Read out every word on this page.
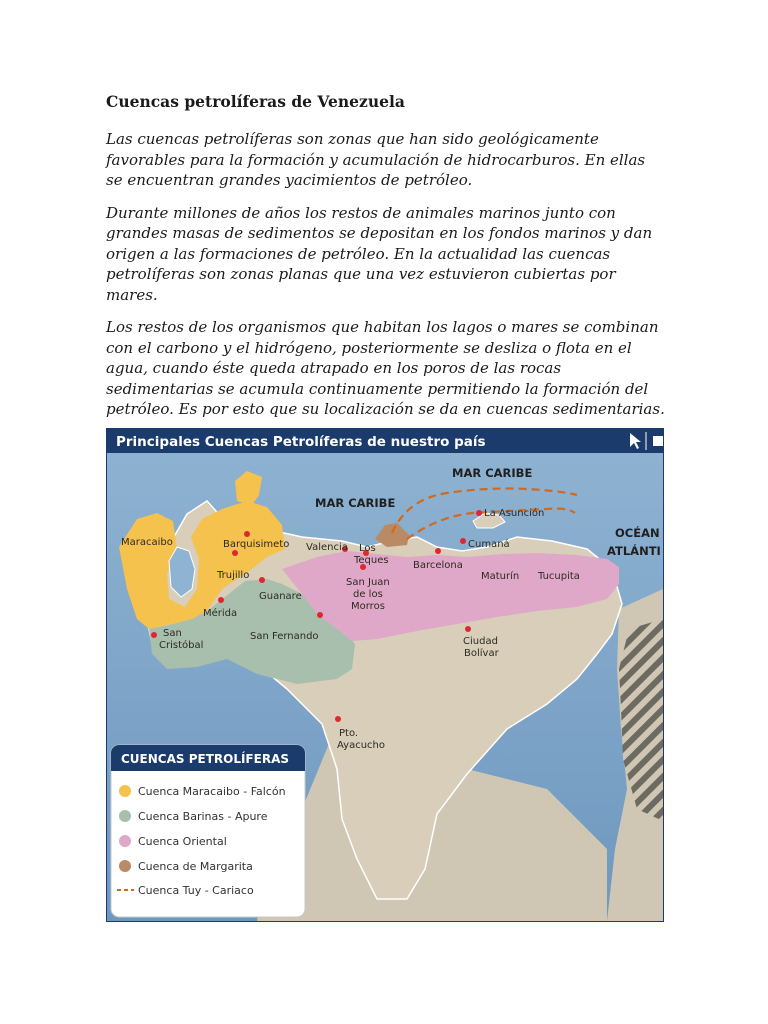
Cuencas petrolíferas de Venezuela

Las cuencas petrolíferas son zonas que han sido geológicamente favorables para la formación y acumulación de hidrocarburos. En ellas se encuentran grandes yacimientos de petróleo.

Durante millones de años los restos de animales marinos junto con grandes masas de sedimentos se depositan en los fondos marinos y dan origen a las formaciones de petróleo. En la actualidad las cuencas petrolíferas son zonas planas que una vez estuvieron cubiertas por mares.

Los restos de los organismos que habitan los lagos o mares se combinan con el carbono y el hidrógeno, posteriormente se desliza o flota en el agua, cuando éste queda atrapado en los poros de las rocas sedimentarias se acumula continuamente permitiendo la formación del petróleo. Es por esto que su localización se da en cuencas sedimentarias.

Principales Cuencas Petrolíferas de nuestro país
MAR CARIBE
MAR CARIBE
OCÉAN
ATLÁNTI
Maracaibo	Barquisimeto Valencia Los
Teques
La Asunción
Cumaná
Barcelona
Trujillo
Guanare
San Juan
de los
Morros
Maturín Tucupita
Mérida
San
Cristóbal
San Fernando	Ciudad
Bolívar
Pto.
Ayacucho
CUENCAS PETROLÍFERAS
Cuenca Maracaibo - Falcón
Cuenca Barinas - Apure
Cuenca Oriental
Cuenca de Margarita
Cuenca Tuy - Cariaco
